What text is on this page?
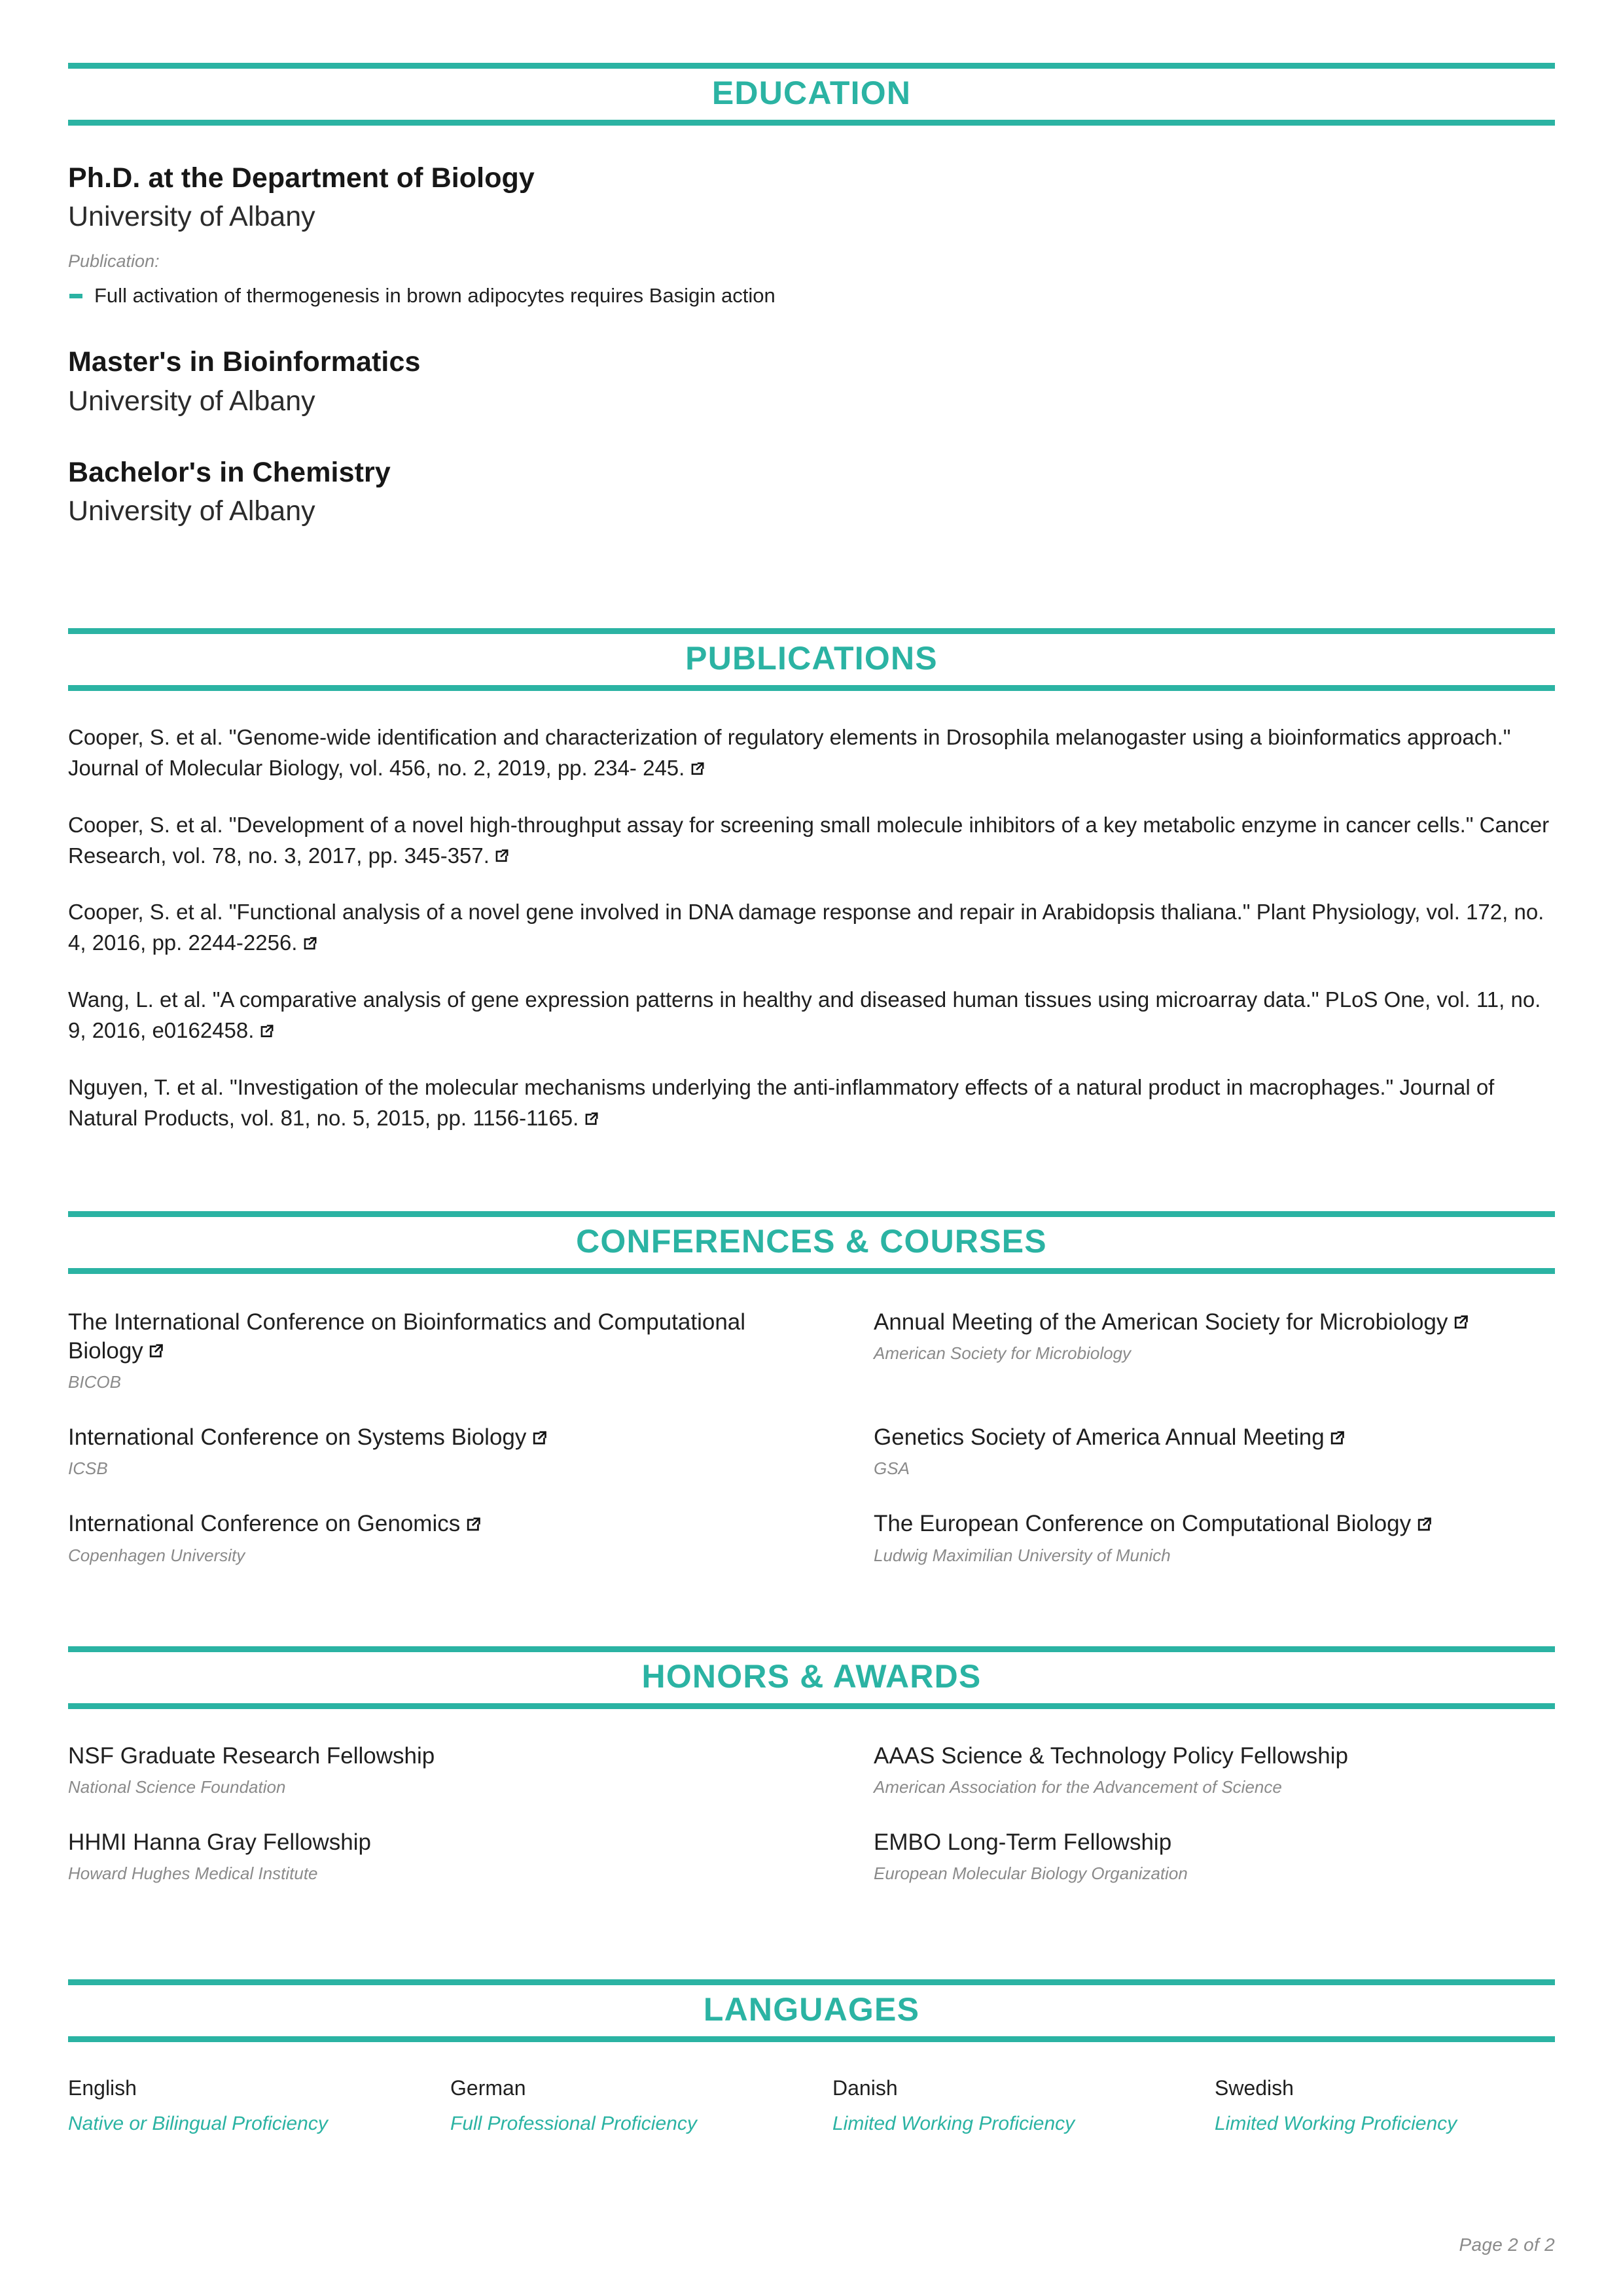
EDUCATION
Ph.D. at the Department of Biology
University of Albany
Publication:
Full activation of thermogenesis in brown adipocytes requires Basigin action
Master's in Bioinformatics
University of Albany
Bachelor's in Chemistry
University of Albany
PUBLICATIONS

Cooper, S. et al. "Genome-wide identification and characterization of regulatory elements in Drosophila melanogaster using a bioinformatics approach." Journal of Molecular Biology, vol. 456, no. 2, 2019, pp. 234- 245.

Cooper, S. et al. "Development of a novel high-throughput assay for screening small molecule inhibitors of a key metabolic enzyme in cancer cells." Cancer Research, vol. 78, no. 3, 2017, pp. 345-357.

Cooper, S. et al. "Functional analysis of a novel gene involved in DNA damage response and repair in Arabidopsis thaliana." Plant Physiology, vol. 172, no. 4, 2016, pp. 2244-2256.

Wang, L. et al. "A comparative analysis of gene expression patterns in healthy and diseased human tissues using microarray data." PLoS One, vol. 11, no. 9, 2016, e0162458.

Nguyen, T. et al. "Investigation of the molecular mechanisms underlying the anti-inflammatory effects of a natural product in macrophages." Journal of Natural Products, vol. 81, no. 5, 2015, pp. 1156-1165.

CONFERENCES & COURSES
The International Conference on Bioinformatics and Computational Biology
BICOB
Annual Meeting of the American Society for Microbiology
American Society for Microbiology
International Conference on Systems Biology
ICSB
Genetics Society of America Annual Meeting
GSA
International Conference on Genomics
Copenhagen University
The European Conference on Computational Biology
Ludwig Maximilian University of Munich
HONORS & AWARDS
NSF Graduate Research Fellowship
National Science Foundation
AAAS Science & Technology Policy Fellowship
American Association for the Advancement of Science
HHMI Hanna Gray Fellowship
Howard Hughes Medical Institute
EMBO Long-Term Fellowship
European Molecular Biology Organization
LANGUAGES
English
Native or Bilingual Proficiency
German
Full Professional Proficiency
Danish
Limited Working Proficiency
Swedish
Limited Working Proficiency
Page 2 of 2
